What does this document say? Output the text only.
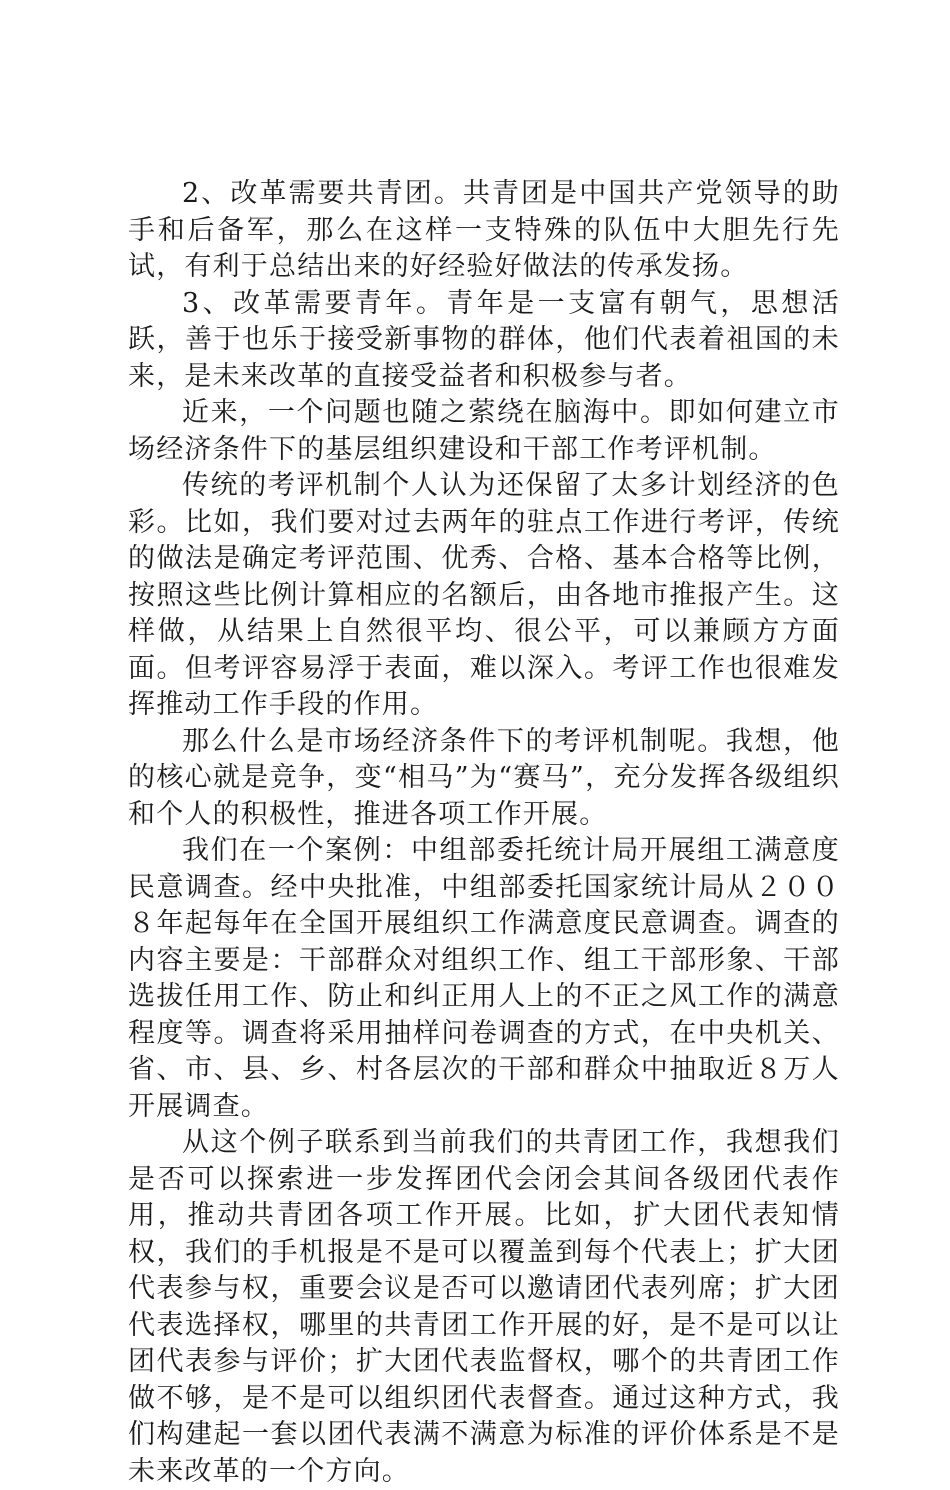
2、改革需要共青团。共青团是中国共产党领导的助手和后备军，那么在这样一支特殊的队伍中大胆先行先试，有利于总结出来的好经验好做法的传承发扬。

3、改革需要青年。青年是一支富有朝气，思想活跃，善于也乐于接受新事物的群体，他们代表着祖国的未来，是未来改革的直接受益者和积极参与者。

近来，一个问题也随之萦绕在脑海中。即如何建立市场经济条件下的基层组织建设和干部工作考评机制。

传统的考评机制个人认为还保留了太多计划经济的色彩。比如，我们要对过去两年的驻点工作进行考评，传统的做法是确定考评范围、优秀、合格、基本合格等比例，按照这些比例计算相应的名额后，由各地市推报产生。这样做，从结果上自然很平均、很公平，可以兼顾方方面面。但考评容易浮于表面，难以深入。考评工作也很难发挥推动工作手段的作用。

那么什么是市场经济条件下的考评机制呢。我想，他的核心就是竞争，变“相马”为“赛马”，充分发挥各级组织和个人的积极性，推进各项工作开展。

我们在一个案例：中组部委托统计局开展组工满意度民意调查。经中央批准，中组部委托国家统计局从２００８年起每年在全国开展组织工作满意度民意调查。调查的内容主要是：干部群众对组织工作、组工干部形象、干部选拔任用工作、防止和纠正用人上的不正之风工作的满意程度等。调查将采用抽样问卷调查的方式，在中央机关、省、市、县、乡、村各层次的干部和群众中抽取近８万人开展调查。

从这个例子联系到当前我们的共青团工作，我想我们是否可以探索进一步发挥团代会闭会其间各级团代表作用，推动共青团各项工作开展。比如，扩大团代表知情权，我们的手机报是不是可以覆盖到每个代表上；扩大团代表参与权，重要会议是否可以邀请团代表列席；扩大团代表选择权，哪里的共青团工作开展的好，是不是可以让团代表参与评价；扩大团代表监督权，哪个的共青团工作做不够，是不是可以组织团代表督查。通过这种方式，我们构建起一套以团代表满不满意为标准的评价体系是不是未来改革的一个方向。
